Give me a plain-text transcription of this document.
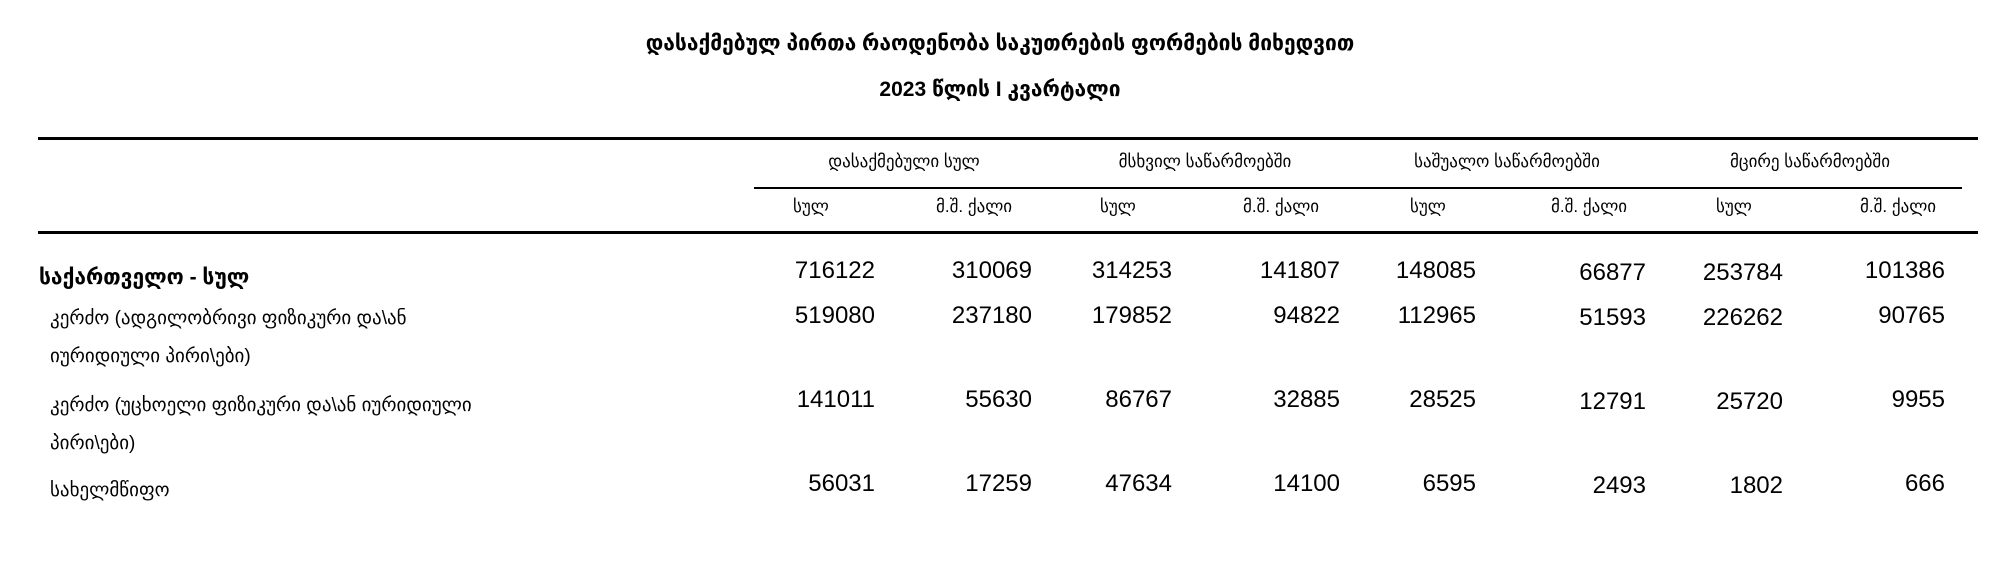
დასაქმებულ პირთა რაოდენობა საკუთრების ფორმების მიხედვით
2023 წლის I კვარტალი
დასაქმებული სულ	მსხვილ საწარმოებში	საშუალო საწარმოებში	მცირე საწარმოებში
სულ	მ.შ. ქალი	სულ	მ.შ. ქალი	სულ	მ.შ. ქალი	სულ	მ.შ. ქალი
საქართველო - სულ	716122	310069	314253	141807	148085	66877	253784	101386
კერძო (ადგილობრივი ფიზიკური და\ან
იურიდიული პირი\ები)
519080	237180	179852	94822	112965	51593	226262	90765
კერძო (უცხოელი ფიზიკური და\ან იურიდიული
პირი\ები)
141011	55630	86767	32885	28525	12791	25720	9955
სახელმწიფო	56031	17259	47634	14100	6595	2493	1802	666
